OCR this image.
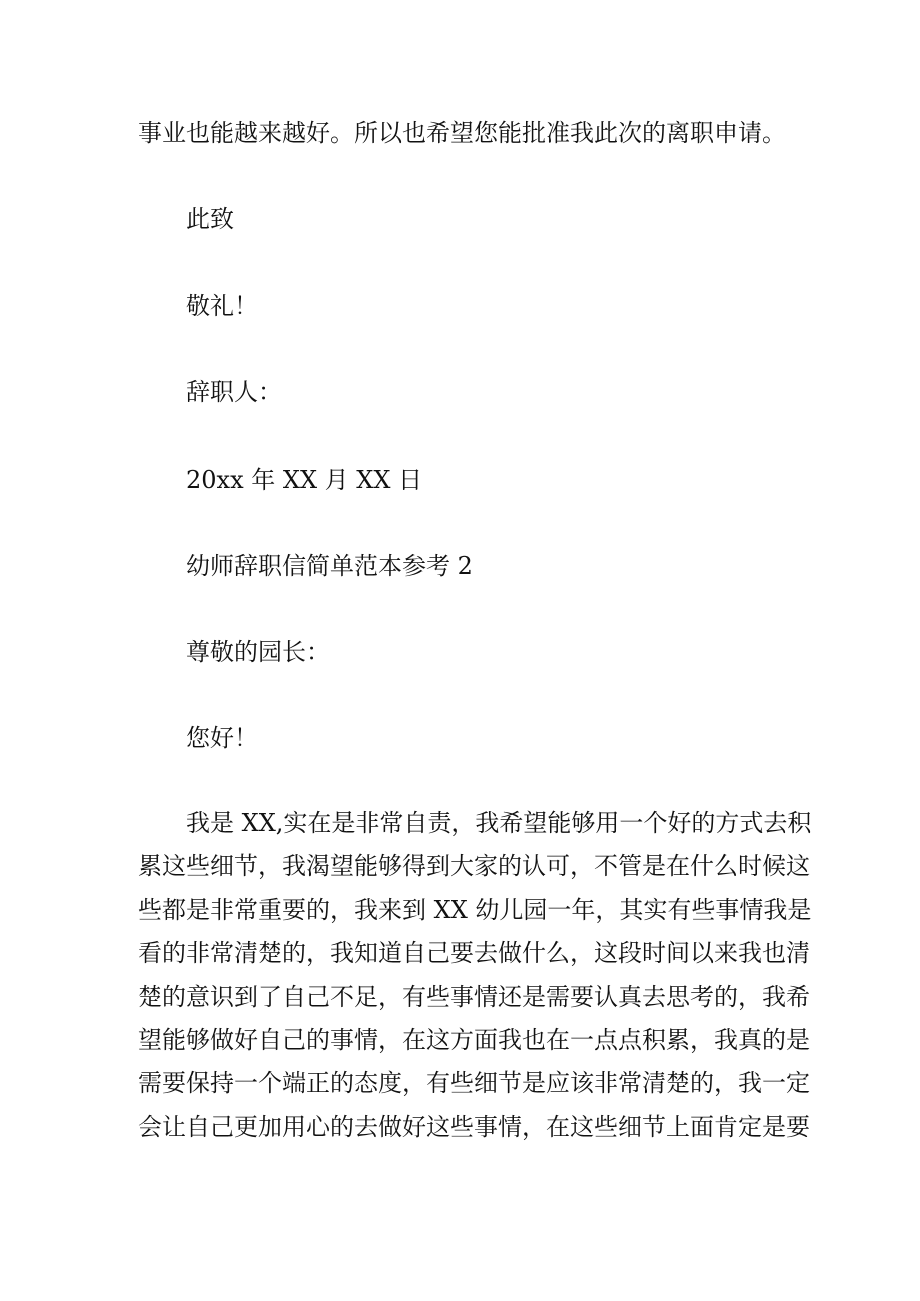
事业也能越来越好。所以也希望您能批准我此次的离职申请。
此致
敬礼！
辞职人：
20xx 年 XX 月 XX 日
幼师辞职信简单范本参考 2
尊敬的园长：
您好！
我是 XX,实在是非常自责，我希望能够用一个好的方式去积
累这些细节，我渴望能够得到大家的认可，不管是在什么时候这
些都是非常重要的，我来到 XX 幼儿园一年，其实有些事情我是
看的非常清楚的，我知道自己要去做什么，这段时间以来我也清
楚的意识到了自己不足，有些事情还是需要认真去思考的，我希
望能够做好自己的事情，在这方面我也在一点点积累，我真的是
需要保持一个端正的态度，有些细节是应该非常清楚的，我一定
会让自己更加用心的去做好这些事情，在这些细节上面肯定是要
